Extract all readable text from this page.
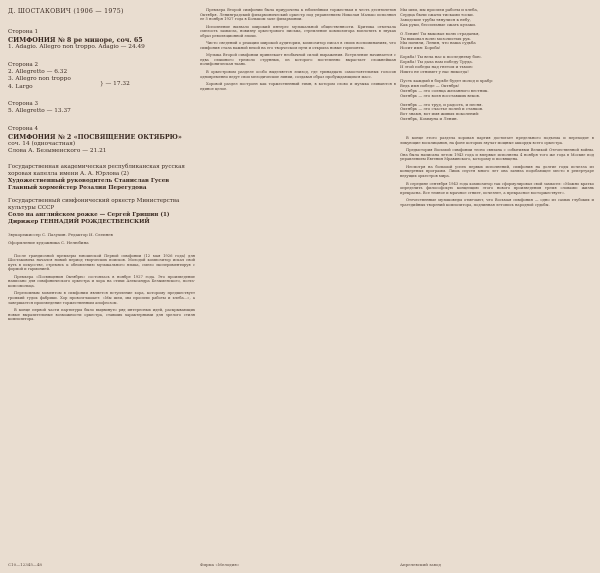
Д. ШОСТАКОВИЧ (1906 — 1975)
Сторона 1
СИМФОНИЯ № 8 ре миноре, соч. 65
1. Adagio. Allegro non troppo. Adagio — 24.49
Сторона 2
2. Allegretto — 6.32
3. Allegro non troppo
4. Largo	} — 17.32
Сторона 3
5. Allegretto — 13.37
Сторона 4
СИМФОНИЯ № 2 «ПОСВЯЩЕНИЕ ОКТЯБРЮ»
соч. 14 (одночастная)
Слова А. Безыменского — 21.21
Государственная академическая республиканская русская хоровая капелла имени А. А. Юрлова (2)
Художественный руководитель Станислав Гусев
Главный хормейстер Розалия Перегудова
Государственный симфонический оркестр Министерства культуры СССР
Соло на английском рожке — Сергей Гришин (1)
Дирижер ГЕННАДИЙ РОЖДЕСТВЕНСКИЙ
Звукорежиссер С. Пазухин. Редактор И. Слепнев
Оформление художника С. Нелюбина

После грандиозной премьеры юношеской Первой симфонии (12 мая 1926 года) для Шостаковича начался новый период творческих поисков. Молодой композитор искал свой путь в искусстве, стремясь к обновлению музыкального языка, смело экспериментируя с формой и гармонией.

Премьера «Посвящения Октябрю» состоялась в ноябре 1927 года. Это произведение написано для симфонического оркестра и хора на стихи Александра Безыменского, поэта-комсомольца.

Переломным моментом в симфонии является вступление хора, которому предшествует громкий гудок фабрики. Хор провозглашает: «Мы шли, мы просили работы и хлеба...», а завершается произведение торжественным апофеозом.

В конце первой части партитуры было выдвинуто ряд интересных идей, раскрывающих новые выразительные возможности оркестра, ставших характерными для зрелого стиля композитора.

Премьера Второй симфонии была приурочена к юбилейным торжествам в честь десятилетия Октября. Ленинградский филармонический оркестр под управлением Николая Малько исполнил ее 5 ноября 1927 года в Большом зале филармонии.

Исполнение вызвало широкий интерес музыкальной общественности. Критика отмечала смелость замысла, новизну оркестрового письма, стремление композитора воплотить в звуках образ революционной эпохи.

Чисто сведений о реакции широкой аудитории, композитор писал в своих воспоминаниях, что симфония стала важной вехой на его творческом пути и открыла новые горизонты.

Музыка Второй симфонии привлекает необычной силой выражения. Вступление начинается с едва слышного тремоло струнных, из которого постепенно вырастает сложнейшая полифоническая ткань.

В оркестровом разделе особо выделяется эпизод, где тринадцать самостоятельных голосов одновременно ведут свои мелодические линии, создавая образ пробуждающихся масс.

Хоровой раздел построен как торжественный гимн, в котором слово и музыка сливаются в единое целое.

Мы шли, мы просили работы и хлеба,
Сердца были сжаты тисками тоски.
Заводские трубы тянулися к небу,
Как руки, бессильные сжать кулаки.
О Ленин! Ты выковал волю страданья,
Ты выковал волю мозолистых рук.
Мы поняли, Ленин, что наша судьба
Носит имя: Борьба!
Борьба! Ты вела нас к последнему бою.
Борьба! Ты дала нам победу Труда.
И этой победы над гнетом и тьмою
Никто не отнимет у нас никогда!
Пусть каждый в борьбе будет молод и храбр:
Ведь имя победе — Октябрь!
Октябрь — это солнца желанного вестник.
Октябрь — это воля восставших веков.
Октябрь — это труд, и радость, и песня.
Октябрь — это счастье полей и станков.
Вот знамя, вот имя живых поколений:
Октябрь, Коммуна и Ленин.

В конце этого раздела хоровая партия достигает предельного подъема и переходит в ликующие восклицания, на фоне которых звучат мощные аккорды всего оркестра.

Предыстория Восьмой симфонии тесно связана с событиями Великой Отечественной войны. Она была написана летом 1943 года и впервые исполнена 4 ноября того же года в Москве под управлением Евгения Мравинского, которому и посвящена.

Несмотря на большой успех первых исполнений, симфония на долгие годы исчезла из концертных программ. Лишь спустя много лет она заняла подобающее место в репертуаре ведущих оркестров мира.

В середине сентября 1943 года композитор так сформулировал свой замысел: «Можно кратко определить философскую концепцию этого нового произведения тремя словами: жизнь прекрасна. Все темное и мрачное сгниет, исчезнет, а прекрасное восторжествует».

Отечественные музыковеды отмечают, что Восьмая симфония — одно из самых глубоких и трагедийных творений композитора, подлинная летопись народной судьбы.

С10—12345—48	Фирма «Мелодия»	Апрелевский завод
